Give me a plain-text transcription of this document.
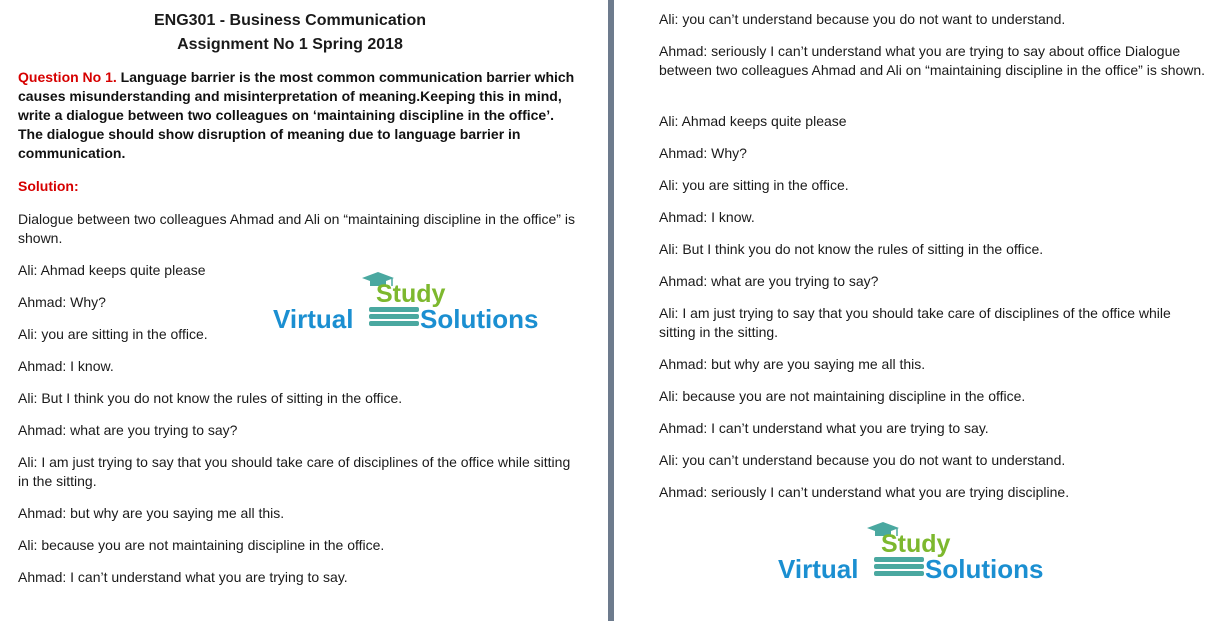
ENG301 - Business Communication
Assignment No 1 Spring 2018
Question No 1. Language barrier is the most common communication barrier which causes misunderstanding and misinterpretation of meaning.Keeping this in mind, write a dialogue between two colleagues on ‘maintaining discipline in the office’. The dialogue should show disruption of meaning due to language barrier in communication.
Solution:
Dialogue between two colleagues Ahmad and Ali on “maintaining discipline in the office” is shown.
Ali: Ahmad keeps quite please
Ahmad: Why?
Ali: you are sitting in the office.
Ahmad: I know.
Ali: But I think you do not know the rules of sitting in the office.
Ahmad: what are you trying to say?
Ali: I am just trying to say that you should take care of disciplines of the office while sitting in the sitting.
Ahmad: but why are you saying me all this.
Ali: because you are not maintaining discipline in the office.
Ahmad: I can’t understand what you are trying to say.
Study
Virtual	Solutions
Ali: you can’t understand because you do not want to understand.
Ahmad: seriously I can’t understand what you are trying to say about office Dialogue between two colleagues Ahmad and Ali on “maintaining discipline in the office” is shown.
Ali: Ahmad keeps quite please
Ahmad: Why?
Ali: you are sitting in the office.
Ahmad: I know.
Ali: But I think you do not know the rules of sitting in the office.
Ahmad: what are you trying to say?
Ali: I am just trying to say that you should take care of disciplines of the office while sitting in the sitting.
Ahmad: but why are you saying me all this.
Ali: because you are not maintaining discipline in the office.
Ahmad: I can’t understand what you are trying to say.
Ali: you can’t understand because you do not want to understand.
Ahmad: seriously I can’t understand what you are trying discipline.
Study
Virtual	Solutions
